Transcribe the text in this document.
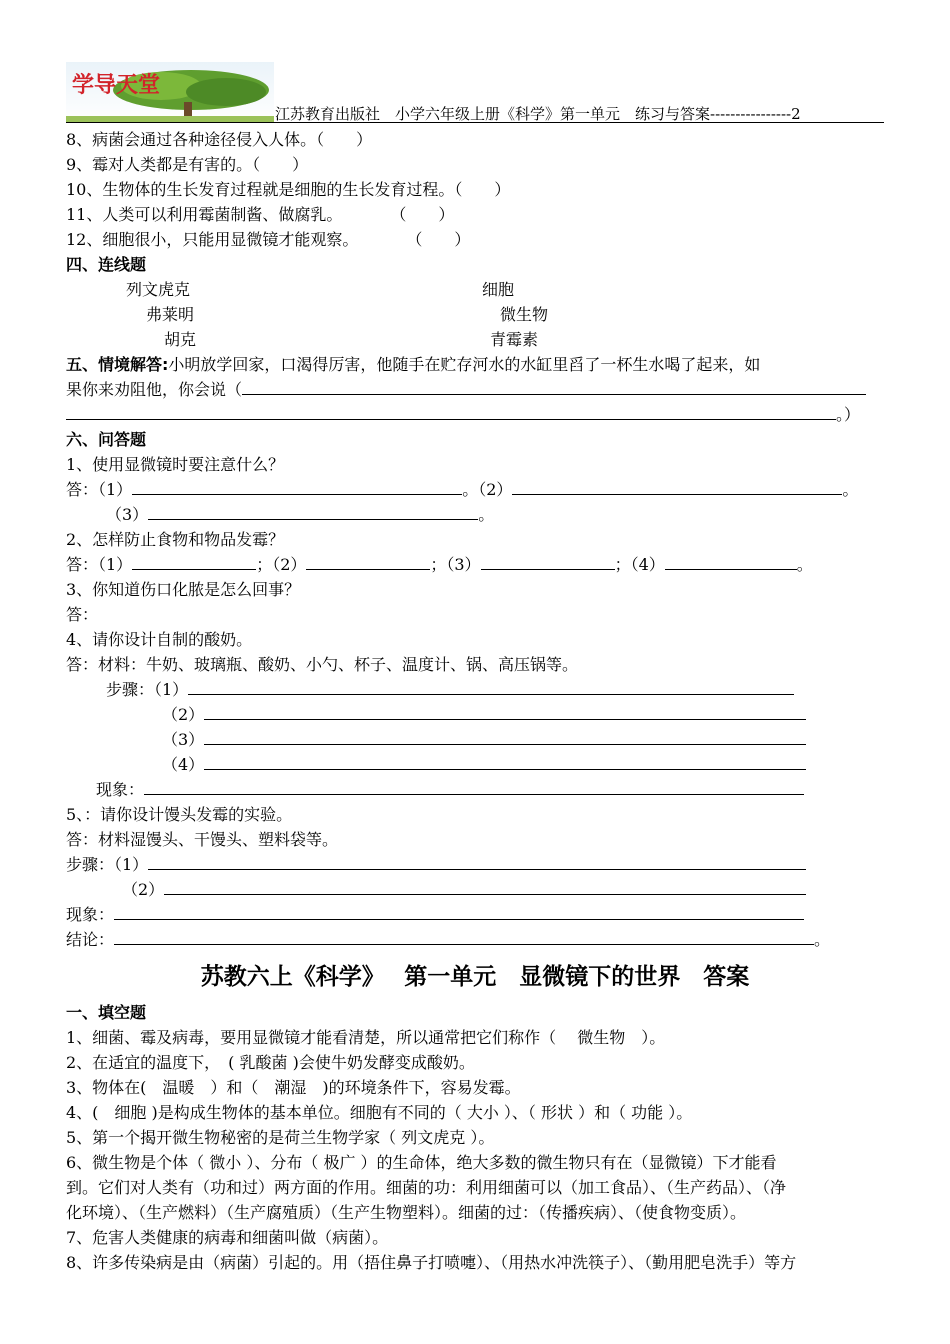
学导天堂
江苏教育出版社　小学六年级上册《科学》第一单元　练习与答案----------------2
8、病菌会通过各种途径侵入人体。（　　）
9、霉对人类都是有害的。（　　）
10、生物体的生长发育过程就是细胞的生长发育过程。（　　）
11、人类可以利用霉菌制酱、做腐乳。　　　　（　　）
12、细胞很小，只能用显微镜才能观察。　　　　（　　）
四、连线题
列文虎克	细胞
弗莱明	微生物
胡克	青霉素
五、情境解答:小明放学回家，口渴得厉害，他随手在贮存河水的水缸里舀了一杯生水喝了起来，如
果你来劝阻他，你会说（
。）
六、问答题
1、使用显微镜时要注意什么？
答：（1）	。（2）	。
（3）	。
2、怎样防止食物和物品发霉？
答：（1）	；（2）	；（3）	；（4）	。
3、你知道伤口化脓是怎么回事？
答：
4、请你设计自制的酸奶。
答：材料：牛奶、玻璃瓶、酸奶、小勺、杯子、温度计、锅、高压锅等。
步骤：（1）
（2）
（3）
（4）
现象：
5、：请你设计馒头发霉的实验。
答：材料湿馒头、干馒头、塑料袋等。
步骤：（1）
（2）
现象：
结论：	。
苏教六上《科学》　 第一单元　显微镜下的世界　答案
一、填空题
1、细菌、霉及病毒，要用显微镜才能看清楚，所以通常把它们称作（　 微生物　）。
2、在适宜的温度下，　( 乳酸菌 )会使牛奶发酵变成酸奶。
3、物体在(　温暖　）和（　潮湿　)的环境条件下，容易发霉。
4、(　细胞 )是构成生物体的基本单位。细胞有不同的（ 大小 ）、（ 形状 ）和（ 功能 ）。
5、第一个揭开微生物秘密的是荷兰生物学家（ 列文虎克 ）。
6、微生物是个体（ 微小 ）、分布（ 极广 ）的生命体，绝大多数的微生物只有在（显微镜）下才能看
到。它们对人类有（功和过）两方面的作用。细菌的功：利用细菌可以（加工食品）、（生产药品）、（净
化环境）、（生产燃料）（生产腐殖质）（生产生物塑料）。细菌的过：（传播疾病）、（使食物变质）。
7、危害人类健康的病毒和细菌叫做（病菌）。
8、许多传染病是由（病菌）引起的。用（捂住鼻子打喷嚏）、（用热水冲洗筷子）、（勤用肥皂洗手）等方
